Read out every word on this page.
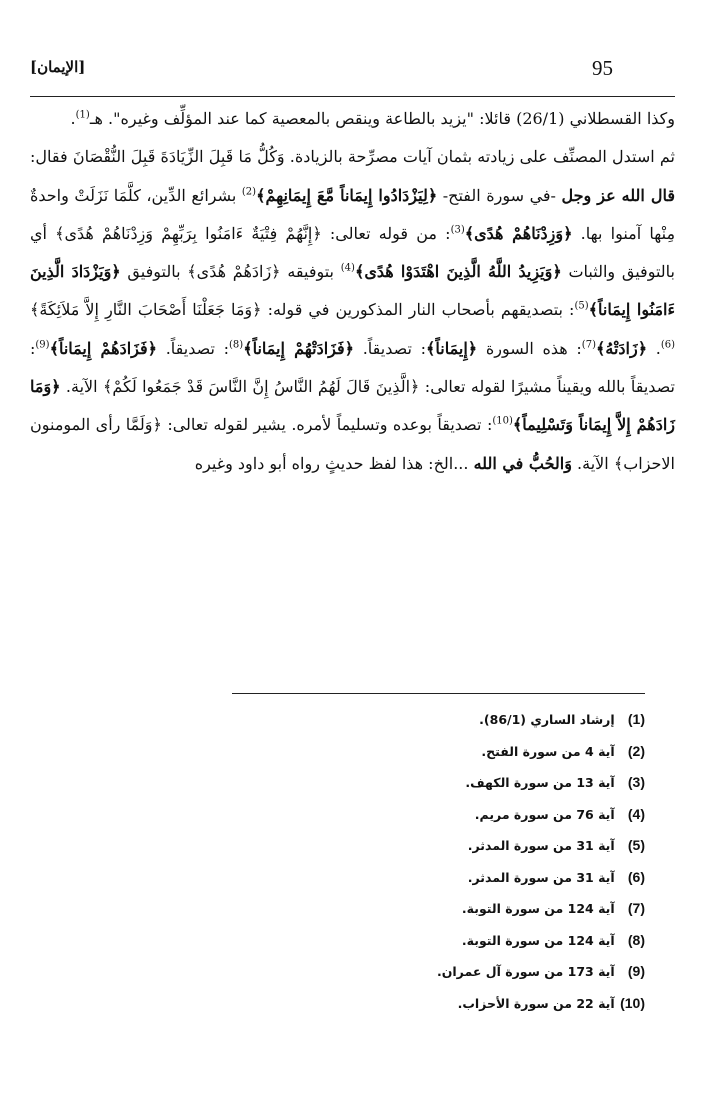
95
[الإيمان]

وكذا القسطلاني (26/1) قائلا: "يزيد بالطاعة وينقص بالمعصية كما عند المؤلِّف وغيره". هـ$^{(1)}$.

ثم استدل المصنِّف على زيادته بثمان آيات مصرِّحة بالزيادة. وَكُلُّ مَا قَبِلَ الزِّيَادَةَ قَبِلَ النُّقْصَانَ فقال: قال الله عز وجل -في سورة الفتح- ﴿لِيَزْدَادُوا إِيمَاناً مَّعَ إِيمَانِهِمْ﴾$^{(2)}$ بشرائع الدِّين، كلَّمَا نَزَلَتْ واحدةٌ مِنْها آمنوا بها. ﴿وَزِدْنَاهُمْ هُدًى﴾$^{(3)}$: من قوله تعالى: ﴿إِنَّهُمْ فِتْيَةٌ ءَامَنُوا بِرَبِّهِمْ وَزِدْنَاهُمْ هُدًى﴾ أي بالتوفيق والثبات ﴿وَيَزِيدُ اللَّهُ الَّذِينَ اهْتَدَوْا هُدًى﴾$^{(4)}$ بتوفيقه ﴿زَادَهُمْ هُدًى﴾ بالتوفيق ﴿وَيَزْدَادَ الَّذِينَ ءَامَنُوا إِيمَاناً﴾$^{(5)}$: بتصديقهم بأصحاب النار المذكورين في قوله: ﴿وَمَا جَعَلْنَا أَصْحَابَ النَّارِ إِلاَّ مَلاَئِكَةً﴾$^{(6)}$. ﴿زَادَتْهُ﴾$^{(7)}$: هذه السورة ﴿إِيمَاناً﴾: تصديقاً. ﴿فَزَادَتْهُمْ إِيمَاناً﴾$^{(8)}$: تصديقاً. ﴿فَزَادَهُمْ إِيمَاناً﴾$^{(9)}$: تصديقاً بالله ويقيناً مشيرًا لقوله تعالى: ﴿الَّذِينَ قَالَ لَهُمُ النَّاسُ إِنَّ النَّاسَ قَدْ جَمَعُوا لَكُمْ﴾ الآية. ﴿وَمَا زَادَهُمْ إِلاَّ إِيمَاناً وَتَسْلِيماً﴾$^{(10)}$: تصديقاً بوعده وتسليماً لأمره. يشير لقوله تعالى: ﴿وَلَمَّا رأى المومنون الاحزاب﴾ الآية. وَالحُبُّ في الله ...الخ: هذا لفظ حديثٍ رواه أبو داود وغيره

(1) إرشاد الساري (86/1).
(2) آية 4 من سورة الفتح.
(3) آية 13 من سورة الكهف.
(4) آية 76 من سورة مريم.
(5) آية 31 من سورة المدثر.
(6) آية 31 من سورة المدثر.
(7) آية 124 من سورة التوبة.
(8) آية 124 من سورة التوبة.
(9) آية 173 من سورة آل عمران.
(10) آية 22 من سورة الأحزاب.
